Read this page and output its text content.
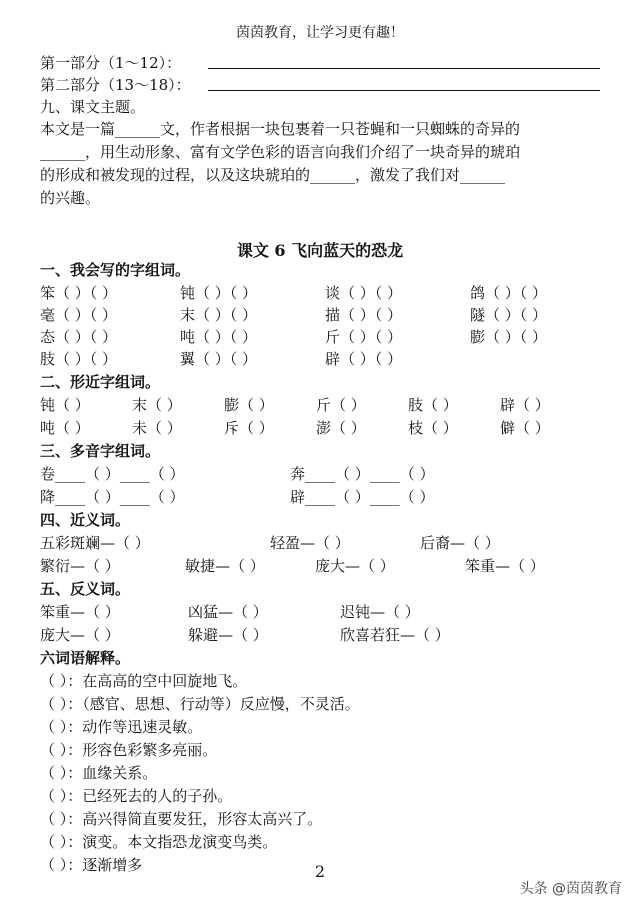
茵茵教育，让学习更有趣！
第一部分（1～12）：
第二部分（13～18）：
九、课文主题。
本文是一篇______文，作者根据一块包裹着一只苍蝇和一只蜘蛛的奇异的
______，用生动形象、富有文学色彩的语言向我们介绍了一块奇异的琥珀
的形成和被发现的过程，以及这块琥珀的______，激发了我们对______
的兴趣。
课文 6 飞向蓝天的恐龙
一、我会写的字组词。
笨（ ）（ ）	钝（ ）（ ）	谈（ ）（ ）	鸽（ ）（ ）
毫（ ）（ ）	末（ ）（ ）	描（ ）（ ）	隧（ ）（ ）
态（ ）（ ）	吨（ ）（ ）	斤（ ）（ ）	膨（ ）（ ）
肢（ ）（ ）	翼（ ）（ ）	辟（ ）（ ）
二、形近字组词。
钝（ ）	末（ ）	膨（ ）	斤（ ）	肢（ ）	辟（ ）
吨（ ）	未（ ）	斥（ ）	澎（ ）	枝（ ）	僻（ ）
三、多音字组词。
卷____（ ）____（ ）	奔____（ ）____（ ）
降____（ ）____（ ）	辟____（ ）____（ ）
四、近义词。
五彩斑斓—（ ）	轻盈—（ ）	后裔—（ ）
繁衍—（ ）	敏捷—（ ）	庞大—（ ）	笨重—（ ）
五、反义词。
笨重—（ ）	凶猛—（ ）	迟钝—（ ）
庞大—（ ）	躲避—（ ）	欣喜若狂—（ ）
六词语解释。
（ ）：在高高的空中回旋地飞。
（ ）：（感官、思想、行动等）反应慢，不灵活。
（ ）：动作等迅速灵敏。
（ ）：形容色彩繁多亮丽。
（ ）：血缘关系。
（ ）：已经死去的人的子孙。
（ ）：高兴得简直要发狂，形容太高兴了。
（ ）：演变。本文指恐龙演变鸟类。
（ ）：逐渐增多	2
头条 @茵茵教育
